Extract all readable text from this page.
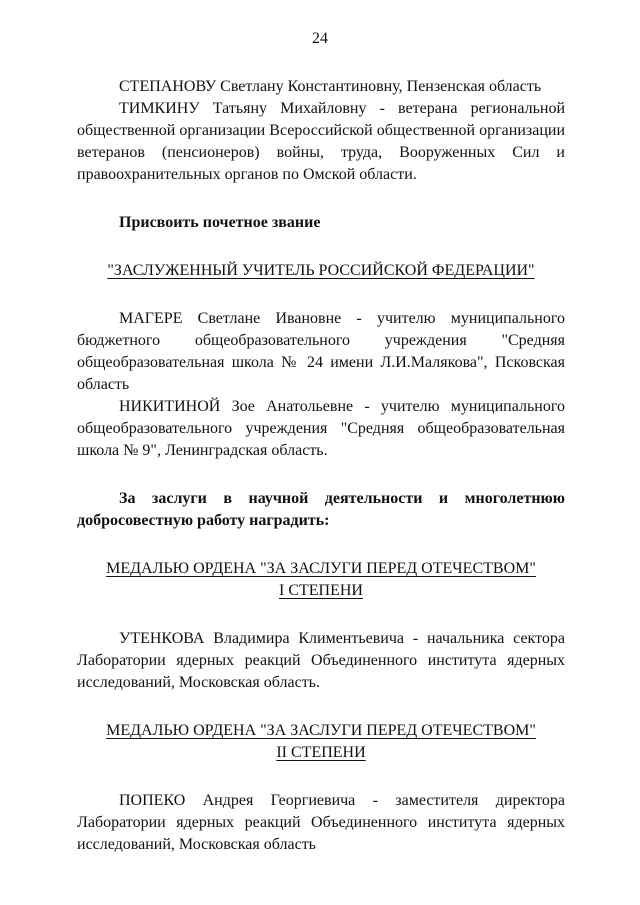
24

СТЕПАНОВУ Светлану Константиновну, Пензенская область

ТИМКИНУ Татьяну Михайловну - ветерана региональной общественной организации Всероссийской общественной организации ветеранов (пенсионеров) войны, труда, Вооруженных Сил и правоохранительных органов по Омской области.

Присвоить почетное звание

"ЗАСЛУЖЕННЫЙ УЧИТЕЛЬ РОССИЙСКОЙ ФЕДЕРАЦИИ"

МАГЕРЕ Светлане Ивановне - учителю муниципального бюджетного общеобразовательного учреждения "Средняя общеобразовательная школа № 24 имени Л.И.Малякова", Псковская область

НИКИТИНОЙ Зое Анатольевне - учителю муниципального общеобразовательного учреждения "Средняя общеобразовательная школа № 9", Ленинградская область.

За заслуги в научной деятельности и многолетнюю добросовестную работу наградить:

МЕДАЛЬЮ ОРДЕНА "ЗА ЗАСЛУГИ ПЕРЕД ОТЕЧЕСТВОМ"

I СТЕПЕНИ

УТЕНКОВА Владимира Климентьевича - начальника сектора Лаборатории ядерных реакций Объединенного института ядерных исследований, Московская область.

МЕДАЛЬЮ ОРДЕНА "ЗА ЗАСЛУГИ ПЕРЕД ОТЕЧЕСТВОМ"

II СТЕПЕНИ

ПОПЕКО Андрея Георгиевича - заместителя директора Лаборатории ядерных реакций Объединенного института ядерных исследований, Московская область
